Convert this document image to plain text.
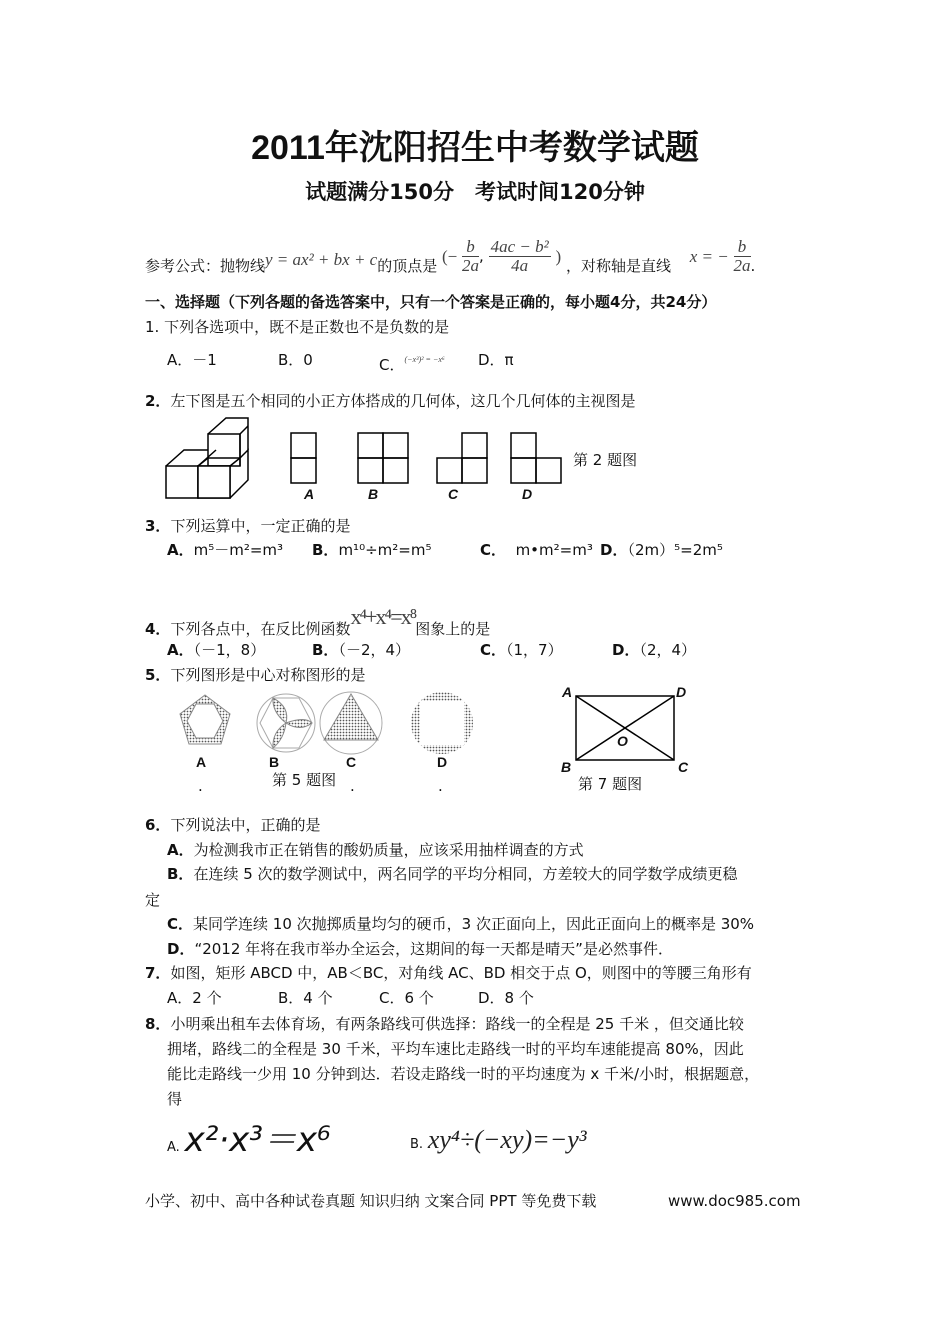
2011年沈阳招生中考数学试题
试题满分150分　考试时间120分钟
参考公式：抛物线y = ax² + bx + c的顶点是 (− $\frac{b}{2a}$ , $\frac{\text{4ac − b²}}{4a}$ ) ，对称轴是直线 x = − $\frac{b}{2a}$ .
一、选择题（下列各题的备选答案中，只有一个答案是正确的，每小题4分，共24分）
1. 下列各选项中，既不是正数也不是负数的是
A．－1	B．0	C．$^{(-x^3)^2 = -x^6}$ D．π
2．左下图是五个相同的小正方体搭成的几何体，这几个几何体的主视图是
A	B	C	D
第 2 题图
3．下列运算中，一定正确的是
A．m⁵－m²=m³ B．m¹⁰÷m²=m⁵	C． m•m²=m³ D．（2m）⁵=2m⁵
4．下列各点中，在反比例函数x⁴+x⁴=x⁸图象上的是
A．（－1，8）	B．（－2，4）	C．（1，7）	D．（2，4）
5．下列图形是中心对称图形的是
A	B	C	D
.	.	.
第 5 题图
A	D
B	C
O
第 7 题图
6．下列说法中，正确的是
A．为检测我市正在销售的酸奶质量，应该采用抽样调查的方式
B．在连续 5 次的数学测试中，两名同学的平均分相同，方差较大的同学数学成绩更稳
定
C．某同学连续 10 次抛掷质量均匀的硬币，3 次正面向上，因此正面向上的概率是 30%
D．“2012 年将在我市举办全运会，这期间的每一天都是晴天”是必然事件．
7．如图，矩形 ABCD 中，AB＜BC，对角线 AC、BD 相交于点 O，则图中的等腰三角形有
A．2 个	B．4 个	C．6 个	D．8 个
8．小明乘出租车去体育场，有两条路线可供选择：路线一的全程是 25 千米 ，但交通比较
拥堵，路线二的全程是 30 千米，平均车速比走路线一时的平均车速能提高 80%，因此
能比走路线一少用 10 分钟到达．若设走路线一时的平均速度为 x 千米/小时，根据题意，
得
A. x²·x³＝x⁶	B. xy⁴÷(−xy)=−y³
小学、初中、高中各种试卷真题 知识归纳 文案合同 PPT 等免费下载	www.doc985.com
